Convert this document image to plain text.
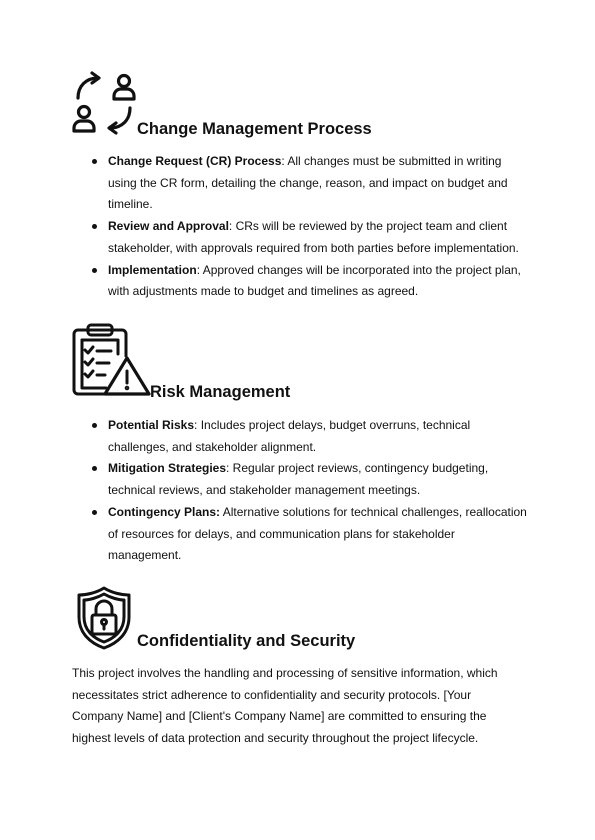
Change Management Process
Change Request (CR) Process: All changes must be submitted in writing using the CR form, detailing the change, reason, and impact on budget and timeline.
Review and Approval: CRs will be reviewed by the project team and client stakeholder, with approvals required from both parties before implementation.
Implementation: Approved changes will be incorporated into the project plan, with adjustments made to budget and timelines as agreed.
Risk Management
Potential Risks: Includes project delays, budget overruns, technical challenges, and stakeholder alignment.
Mitigation Strategies: Regular project reviews, contingency budgeting, technical reviews, and stakeholder management meetings.
Contingency Plans: Alternative solutions for technical challenges, reallocation of resources for delays, and communication plans for stakeholder management.
Confidentiality and Security

This project involves the handling and processing of sensitive information, which necessitates strict adherence to confidentiality and security protocols. [Your Company Name] and [Client's Company Name] are committed to ensuring the highest levels of data protection and security throughout the project lifecycle.
